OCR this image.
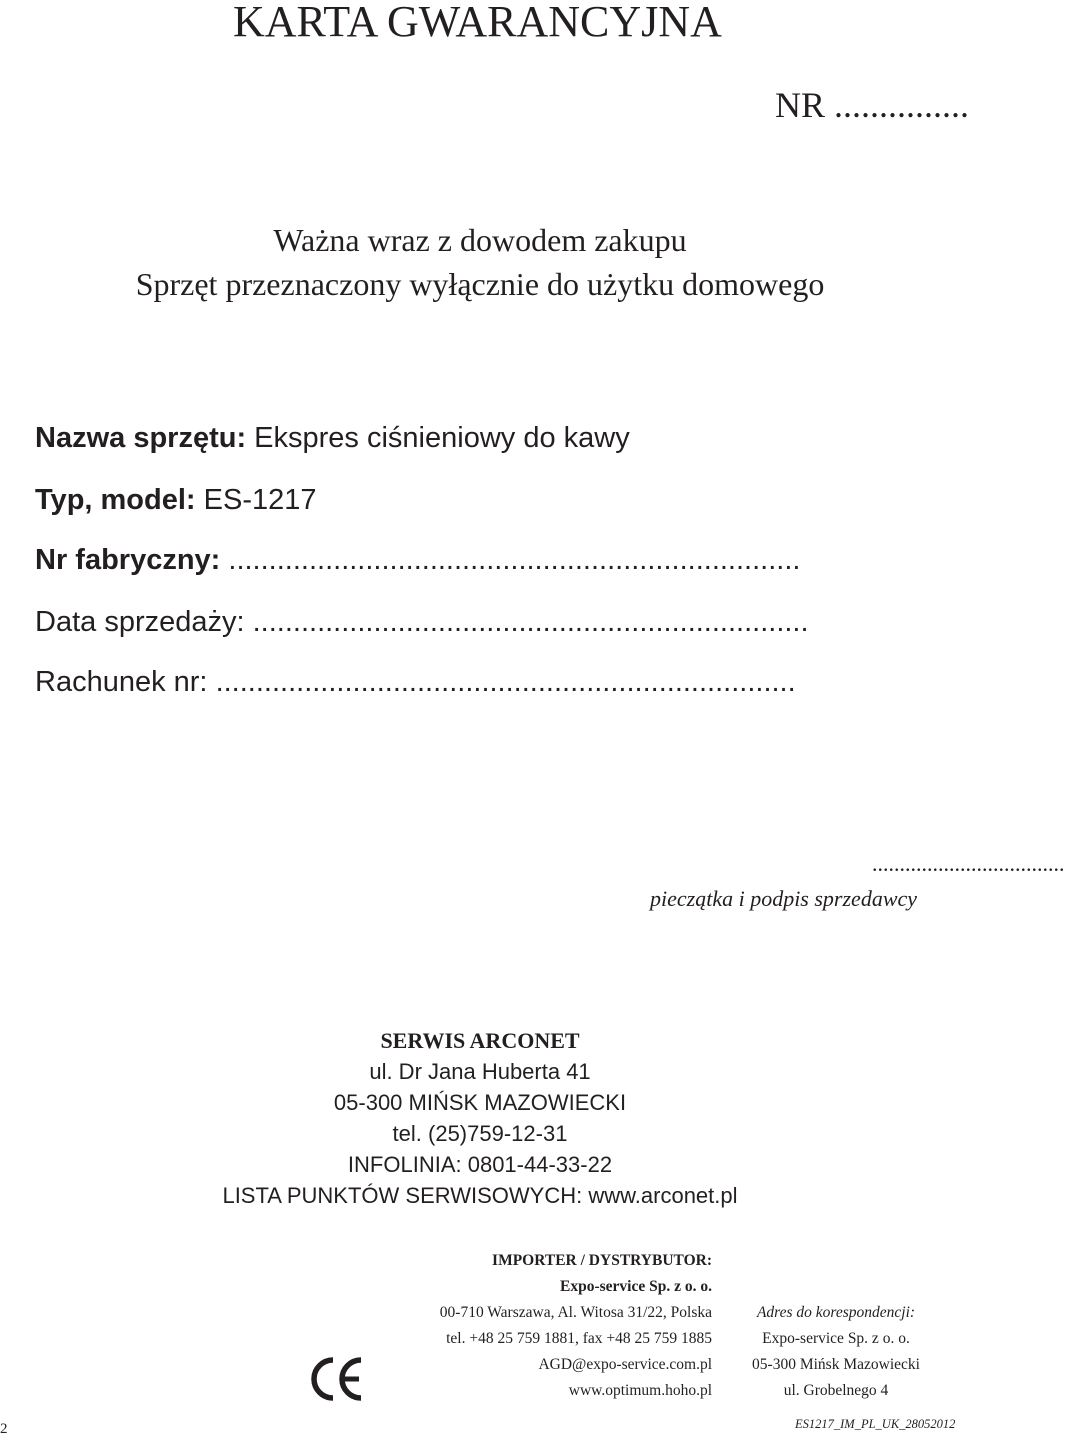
KARTA GWARANCYJNA
NR ...............
Ważna wraz z dowodem zakupu
Sprzęt przeznaczony wyłącznie do użytku domowego
Nazwa sprzętu: Ekspres ciśnieniowy do kawy
Typ, model: ES-1217
Nr fabryczny: .......................................................................
Data sprzedaży: .....................................................................
Rachunek nr: ........................................................................
...................................
pieczątka i podpis sprzedawcy
SERWIS ARCONET
ul. Dr Jana Huberta 41
05-300 MIŃSK MAZOWIECKI
tel. (25)759-12-31
INFOLINIA: 0801-44-33-22
LISTA PUNKTÓW SERWISOWYCH: www.arconet.pl
IMPORTER / DYSTRYBUTOR:
Expo-service Sp. z o. o.
00-710 Warszawa, Al. Witosa 31/22, Polska
tel. +48 25 759 1881, fax +48 25 759 1885
AGD@expo-service.com.pl
www.optimum.hoho.pl
Adres do korespondencji:
Expo-service Sp. z o. o.
05-300 Mińsk Mazowiecki
ul. Grobelnego 4
2	ES1217_IM_PL_UK_28052012
